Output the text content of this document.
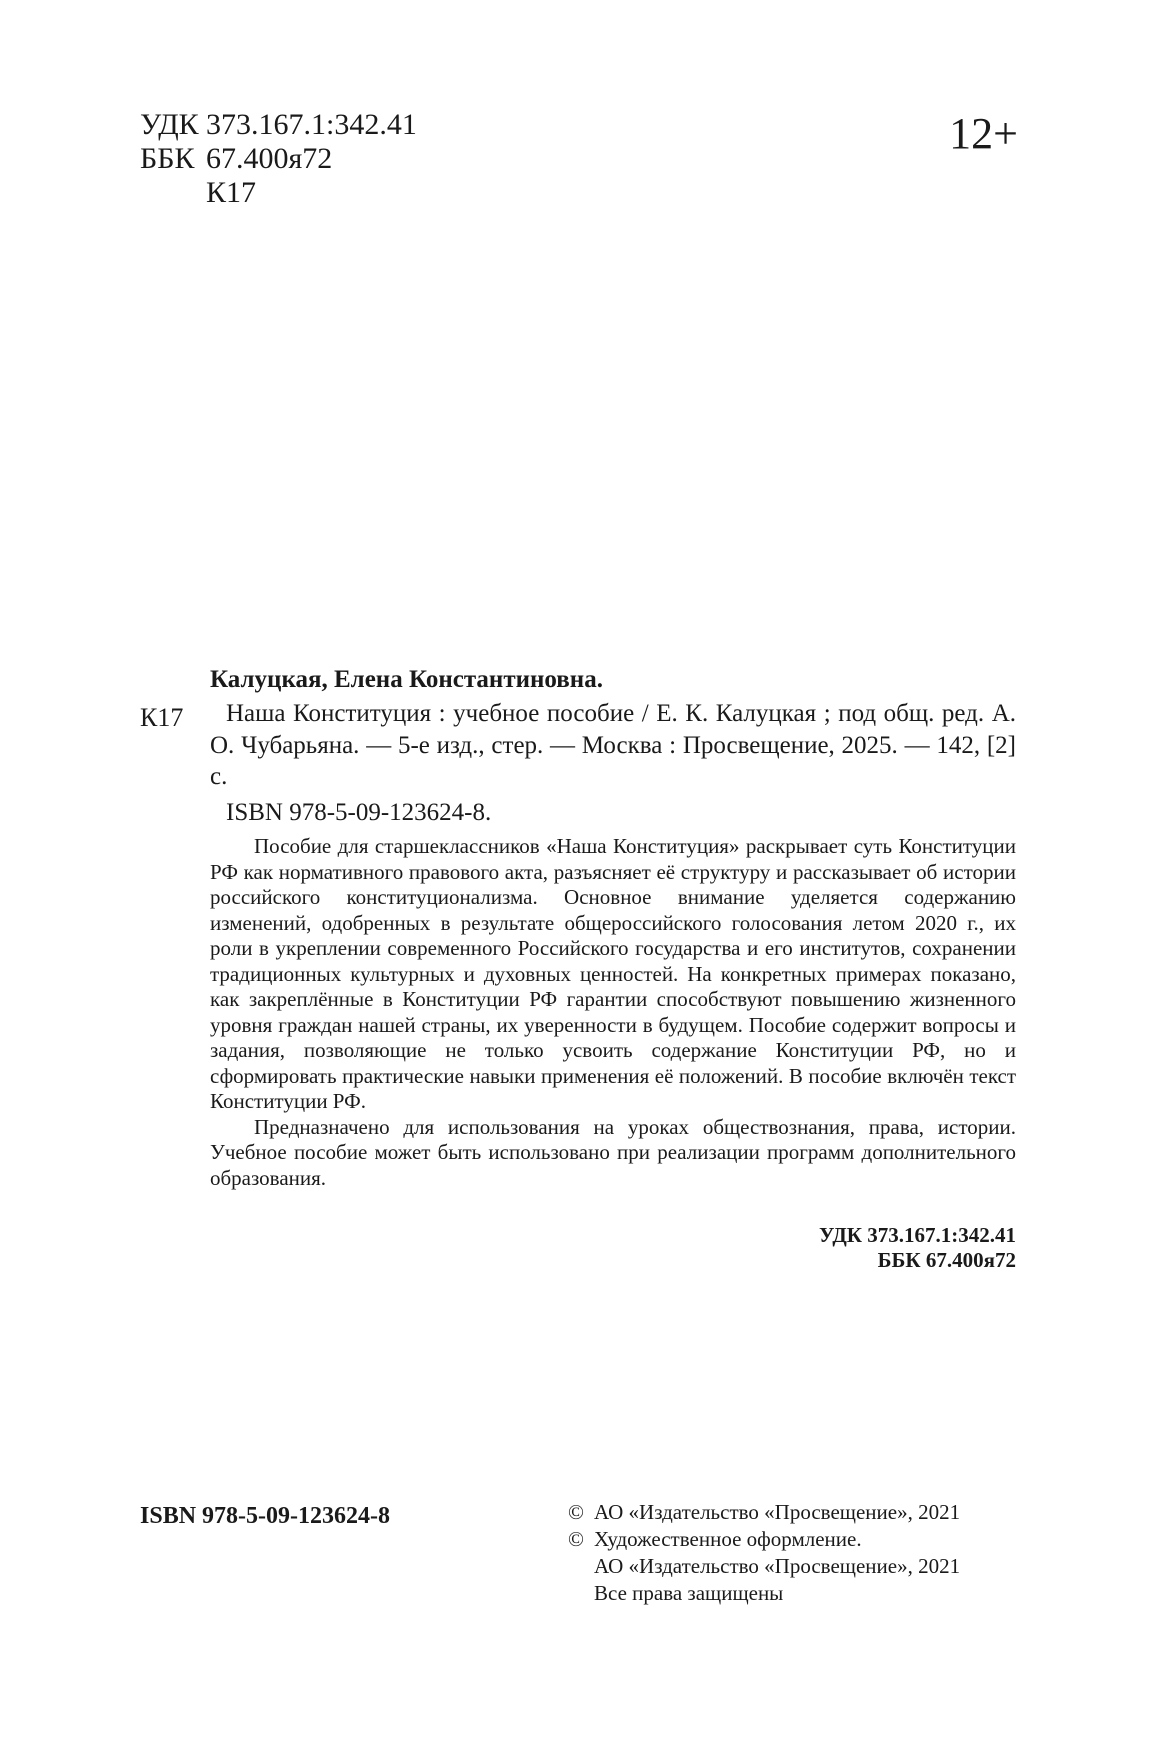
УДК 373.167.1:342.41
ББК 67.400я72
К17
12+
Калуцкая, Елена Константиновна.
К17	Наша Конституция : учебное пособие / Е. К. Калуцкая ; под общ. ред. А. О. Чубарьяна. — 5-е изд., стер. — Москва : Просвещение, 2025. — 142, [2] с.
ISBN 978-5-09-123624-8.

Пособие для старшеклассников «Наша Конституция» раскрывает суть Конституции РФ как нормативного правового акта, разъясняет её структуру и рассказывает об истории российского конституционализма. Основное внимание уделяется содержанию изменений, одобренных в результате общероссийского голосования летом 2020 г., их роли в укреплении современного Российского государства и его институтов, сохранении традиционных культурных и духовных ценностей. На конкретных примерах показано, как закреплённые в Конституции РФ гарантии способствуют повышению жизненного уровня граждан нашей страны, их уверенности в будущем. Пособие содержит вопросы и задания, позволяющие не только усвоить содержание Конституции РФ, но и сформировать практические навыки применения её положений. В пособие включён текст Конституции РФ.

Предназначено для использования на уроках обществознания, права, истории. Учебное пособие может быть использовано при реализации программ дополнительного образования.

УДК 373.167.1:342.41
ББК 67.400я72
ISBN 978-5-09-123624-8	© АО «Издательство «Просвещение», 2021
© Художественное оформление.
АО «Издательство «Просвещение», 2021
Все права защищены
